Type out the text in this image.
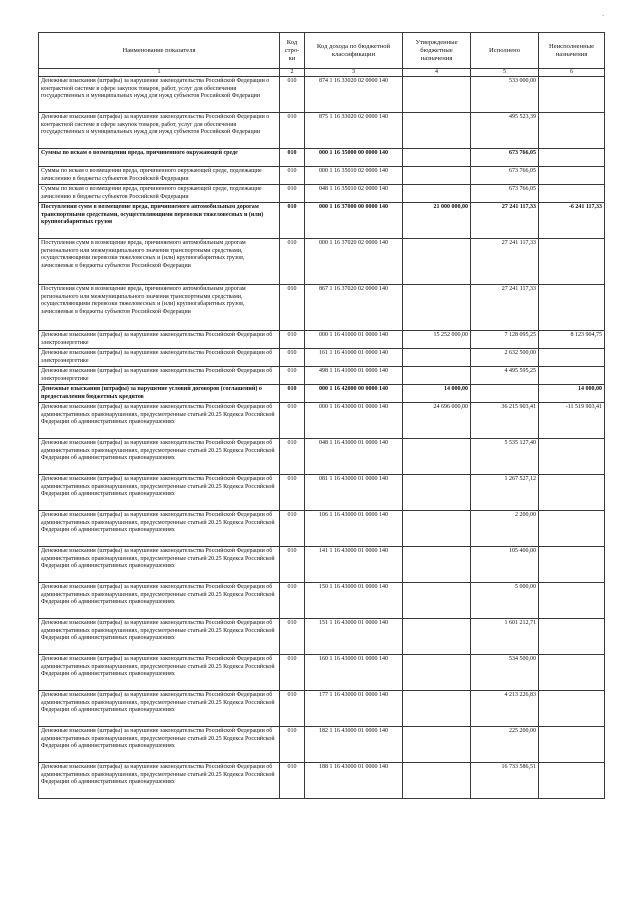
.
Наименование показателя	Код стро-ки	Код дохода по бюджетной классификации	Утвержденные бюджетные назначения	Исполнено	Неисполненные назначения
1	2	3	4	5	6
Денежные взыскания (штрафы) за нарушение законодательства Российской Федерации о контрактной системе в сфере закупок товаров, работ, услуг для обеспечения государственных и муниципальных нужд для нужд субъектов Российской Федерации	010	874 1 16 33020 02 0000 140		533 000,00	
Денежные взыскания (штрафы) за нарушение законодательства Российской Федерации о контрактной системе в сфере закупок товаров, работ, услуг для обеспечения государственных и муниципальных нужд для нужд субъектов Российской Федерации	010	875 1 16 33020 02 0000 140		495 523,39	
Суммы по искам о возмещении вреда, причиненного окружающей среде	010	000 1 16 35000 00 0000 140		673 766,05	
Суммы по искам о возмещении вреда, причиненного окружающей среде, подлежащие зачислению в бюджеты субъектов Российской Федерации	010	000 1 16 35010 02 0000 140		673 766,05	
Суммы по искам о возмещении вреда, причиненного окружающей среде, подлежащие зачислению в бюджеты субъектов Российской Федерации	010	048 1 16 35010 02 0000 140		673 766,05	
Поступления сумм в возмещение вреда, причиняемого автомобильным дорогам транспортными средствами, осуществляющими перевозки тяжеловесных и (или) крупногабаритных грузов	010	000 1 16 37000 00 0000 140	21 000 000,00	27 241 117,33	-6 241 117,33
Поступления сумм в возмещение вреда, причиняемого автомобильным дорогам регионального или межмуниципального значения транспортными средствами, осуществляющими перевозки тяжеловесных и (или) крупногабаритных грузов, зачисляемые в бюджеты субъектов Российской Федерации	010	000 1 16 37020 02 0000 140		27 241 117,33	
Поступления сумм в возмещение вреда, причиняемого автомобильным дорогам регионального или межмуниципального значения транспортными средствами, осуществляющими перевозки тяжеловесных и (или) крупногабаритных грузов, зачисляемые в бюджеты субъектов Российской Федерации	010	867 1 16 37020 02 0000 140		27 241 117,33	
Денежные взыскания (штрафы) за нарушение законодательства Российской Федерации об электроэнергетике	010	000 1 16 41000 01 0000 140	15 252 000,00	7 128 095,25	8 123 904,75
Денежные взыскания (штрафы) за нарушение законодательства Российской Федерации об электроэнергетике	010	161 1 16 41000 01 0000 140		2 632 500,00	
Денежные взыскания (штрафы) за нарушение законодательства Российской Федерации об электроэнергетике	010	498 1 16 41000 01 0000 140		4 495 595,25	
Денежные взыскания (штрафы) за нарушение условий договоров (соглашений) о предоставлении бюджетных кредитов	010	000 1 16 42000 00 0000 140	14 000,00		14 000,00
Денежные взыскания (штрафы) за нарушение законодательства Российской Федерации об административных правонарушениях, предусмотренные статьей 20.25 Кодекса Российской Федерации об административных правонарушениях	010	000 1 16 43000 01 0000 140	24 696 000,00	36 215 903,41	-11 519 903,41
Денежные взыскания (штрафы) за нарушение законодательства Российской Федерации об административных правонарушениях, предусмотренные статьей 20.25 Кодекса Российской Федерации об административных правонарушениях	010	048 1 16 43000 01 0000 140		5 535 127,40	
Денежные взыскания (штрафы) за нарушение законодательства Российской Федерации об административных правонарушениях, предусмотренные статьей 20.25 Кодекса Российской Федерации об административных правонарушениях	010	081 1 16 43000 01 0000 140		1 267 527,12	
Денежные взыскания (штрафы) за нарушение законодательства Российской Федерации об административных правонарушениях, предусмотренные статьей 20.25 Кодекса Российской Федерации об административных правонарушениях	010	106 1 16 43000 01 0000 140		2 200,00	
Денежные взыскания (штрафы) за нарушение законодательства Российской Федерации об административных правонарушениях, предусмотренные статьей 20.25 Кодекса Российской Федерации об административных правонарушениях	010	141 1 16 43000 01 0000 140		105 400,00	
Денежные взыскания (штрафы) за нарушение законодательства Российской Федерации об административных правонарушениях, предусмотренные статьей 20.25 Кодекса Российской Федерации об административных правонарушениях	010	150 1 16 43000 01 0000 140		5 000,00	
Денежные взыскания (штрафы) за нарушение законодательства Российской Федерации об административных правонарушениях, предусмотренные статьей 20.25 Кодекса Российской Федерации об административных правонарушениях	010	151 1 16 43000 01 0000 140		1 601 212,71	
Денежные взыскания (штрафы) за нарушение законодательства Российской Федерации об административных правонарушениях, предусмотренные статьей 20.25 Кодекса Российской Федерации об административных правонарушениях	010	160 1 16 43000 01 0000 140		534 500,00	
Денежные взыскания (штрафы) за нарушение законодательства Российской Федерации об административных правонарушениях, предусмотренные статьей 20.25 Кодекса Российской Федерации об административных правонарушениях	010	177 1 16 43000 01 0000 140		4 213 226,83	
Денежные взыскания (штрафы) за нарушение законодательства Российской Федерации об административных правонарушениях, предусмотренные статьей 20.25 Кодекса Российской Федерации об административных правонарушениях	010	182 1 16 43000 01 0000 140		225 200,00	
Денежные взыскания (штрафы) за нарушение законодательства Российской Федерации об административных правонарушениях, предусмотренные статьей 20.25 Кодекса Российской Федерации об административных правонарушениях	010	188 1 16 43000 01 0000 140		16 733 586,51	
